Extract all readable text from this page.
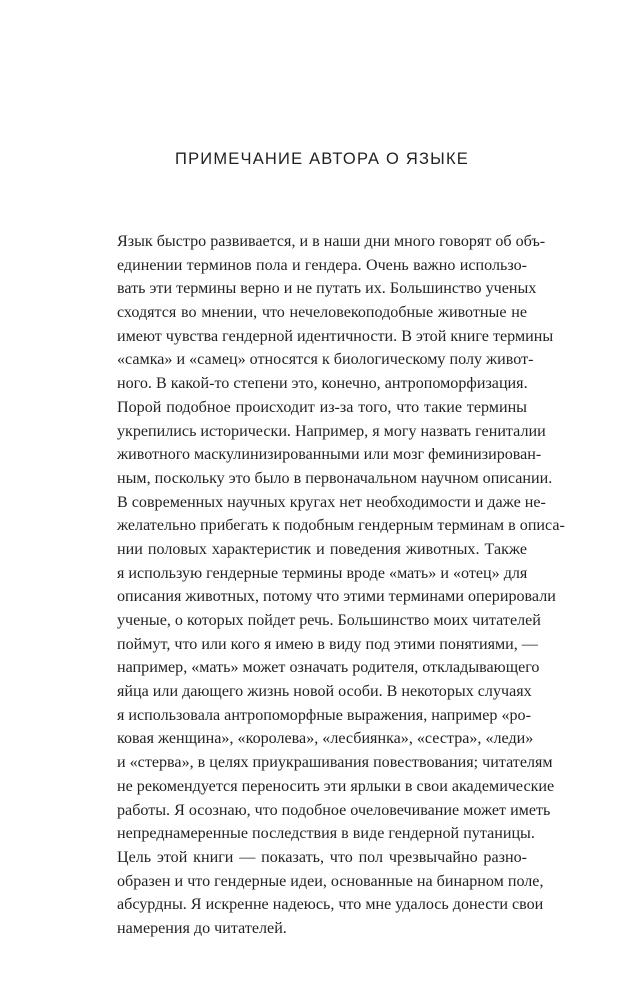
ПРИМЕЧАНИЕ АВТОРА О ЯЗЫКЕ
Язык быстро развивается, и в наши дни много говорят об объ-
единении терминов пола и гендера. Очень важно использо-
вать эти термины верно и не путать их. Большинство ученых
сходятся во мнении, что нечеловекоподобные животные не
имеют чувства гендерной идентичности. В этой книге термины
«самка» и «самец» относятся к биологическому полу живот-
ного. В какой-то степени это, конечно, антропоморфизация.
Порой подобное происходит из-за того, что такие термины
укрепились исторически. Например, я могу назвать гениталии
животного маскулинизированными или мозг феминизирован-
ным, поскольку это было в первоначальном научном описании.
В современных научных кругах нет необходимости и даже не-
желательно прибегать к подобным гендерным терминам в описа-
нии половых характеристик и поведения животных. Также
я использую гендерные термины вроде «мать» и «отец» для
описания животных, потому что этими терминами оперировали
ученые, о которых пойдет речь. Большинство моих читателей
поймут, что или кого я имею в виду под этими понятиями, —
например, «мать» может означать родителя, откладывающего
яйца или дающего жизнь новой особи. В некоторых случаях
я использовала антропоморфные выражения, например «ро-
ковая женщина», «королева», «лесбиянка», «сестра», «леди»
и «стерва», в целях приукрашивания повествования; читателям
не рекомендуется переносить эти ярлыки в свои академические
работы. Я осознаю, что подобное очеловечивание может иметь
непреднамеренные последствия в виде гендерной путаницы.
Цель этой книги — показать, что пол чрезвычайно разно-
образен и что гендерные идеи, основанные на бинарном поле,
абсурдны. Я искренне надеюсь, что мне удалось донести свои
намерения до читателей.
